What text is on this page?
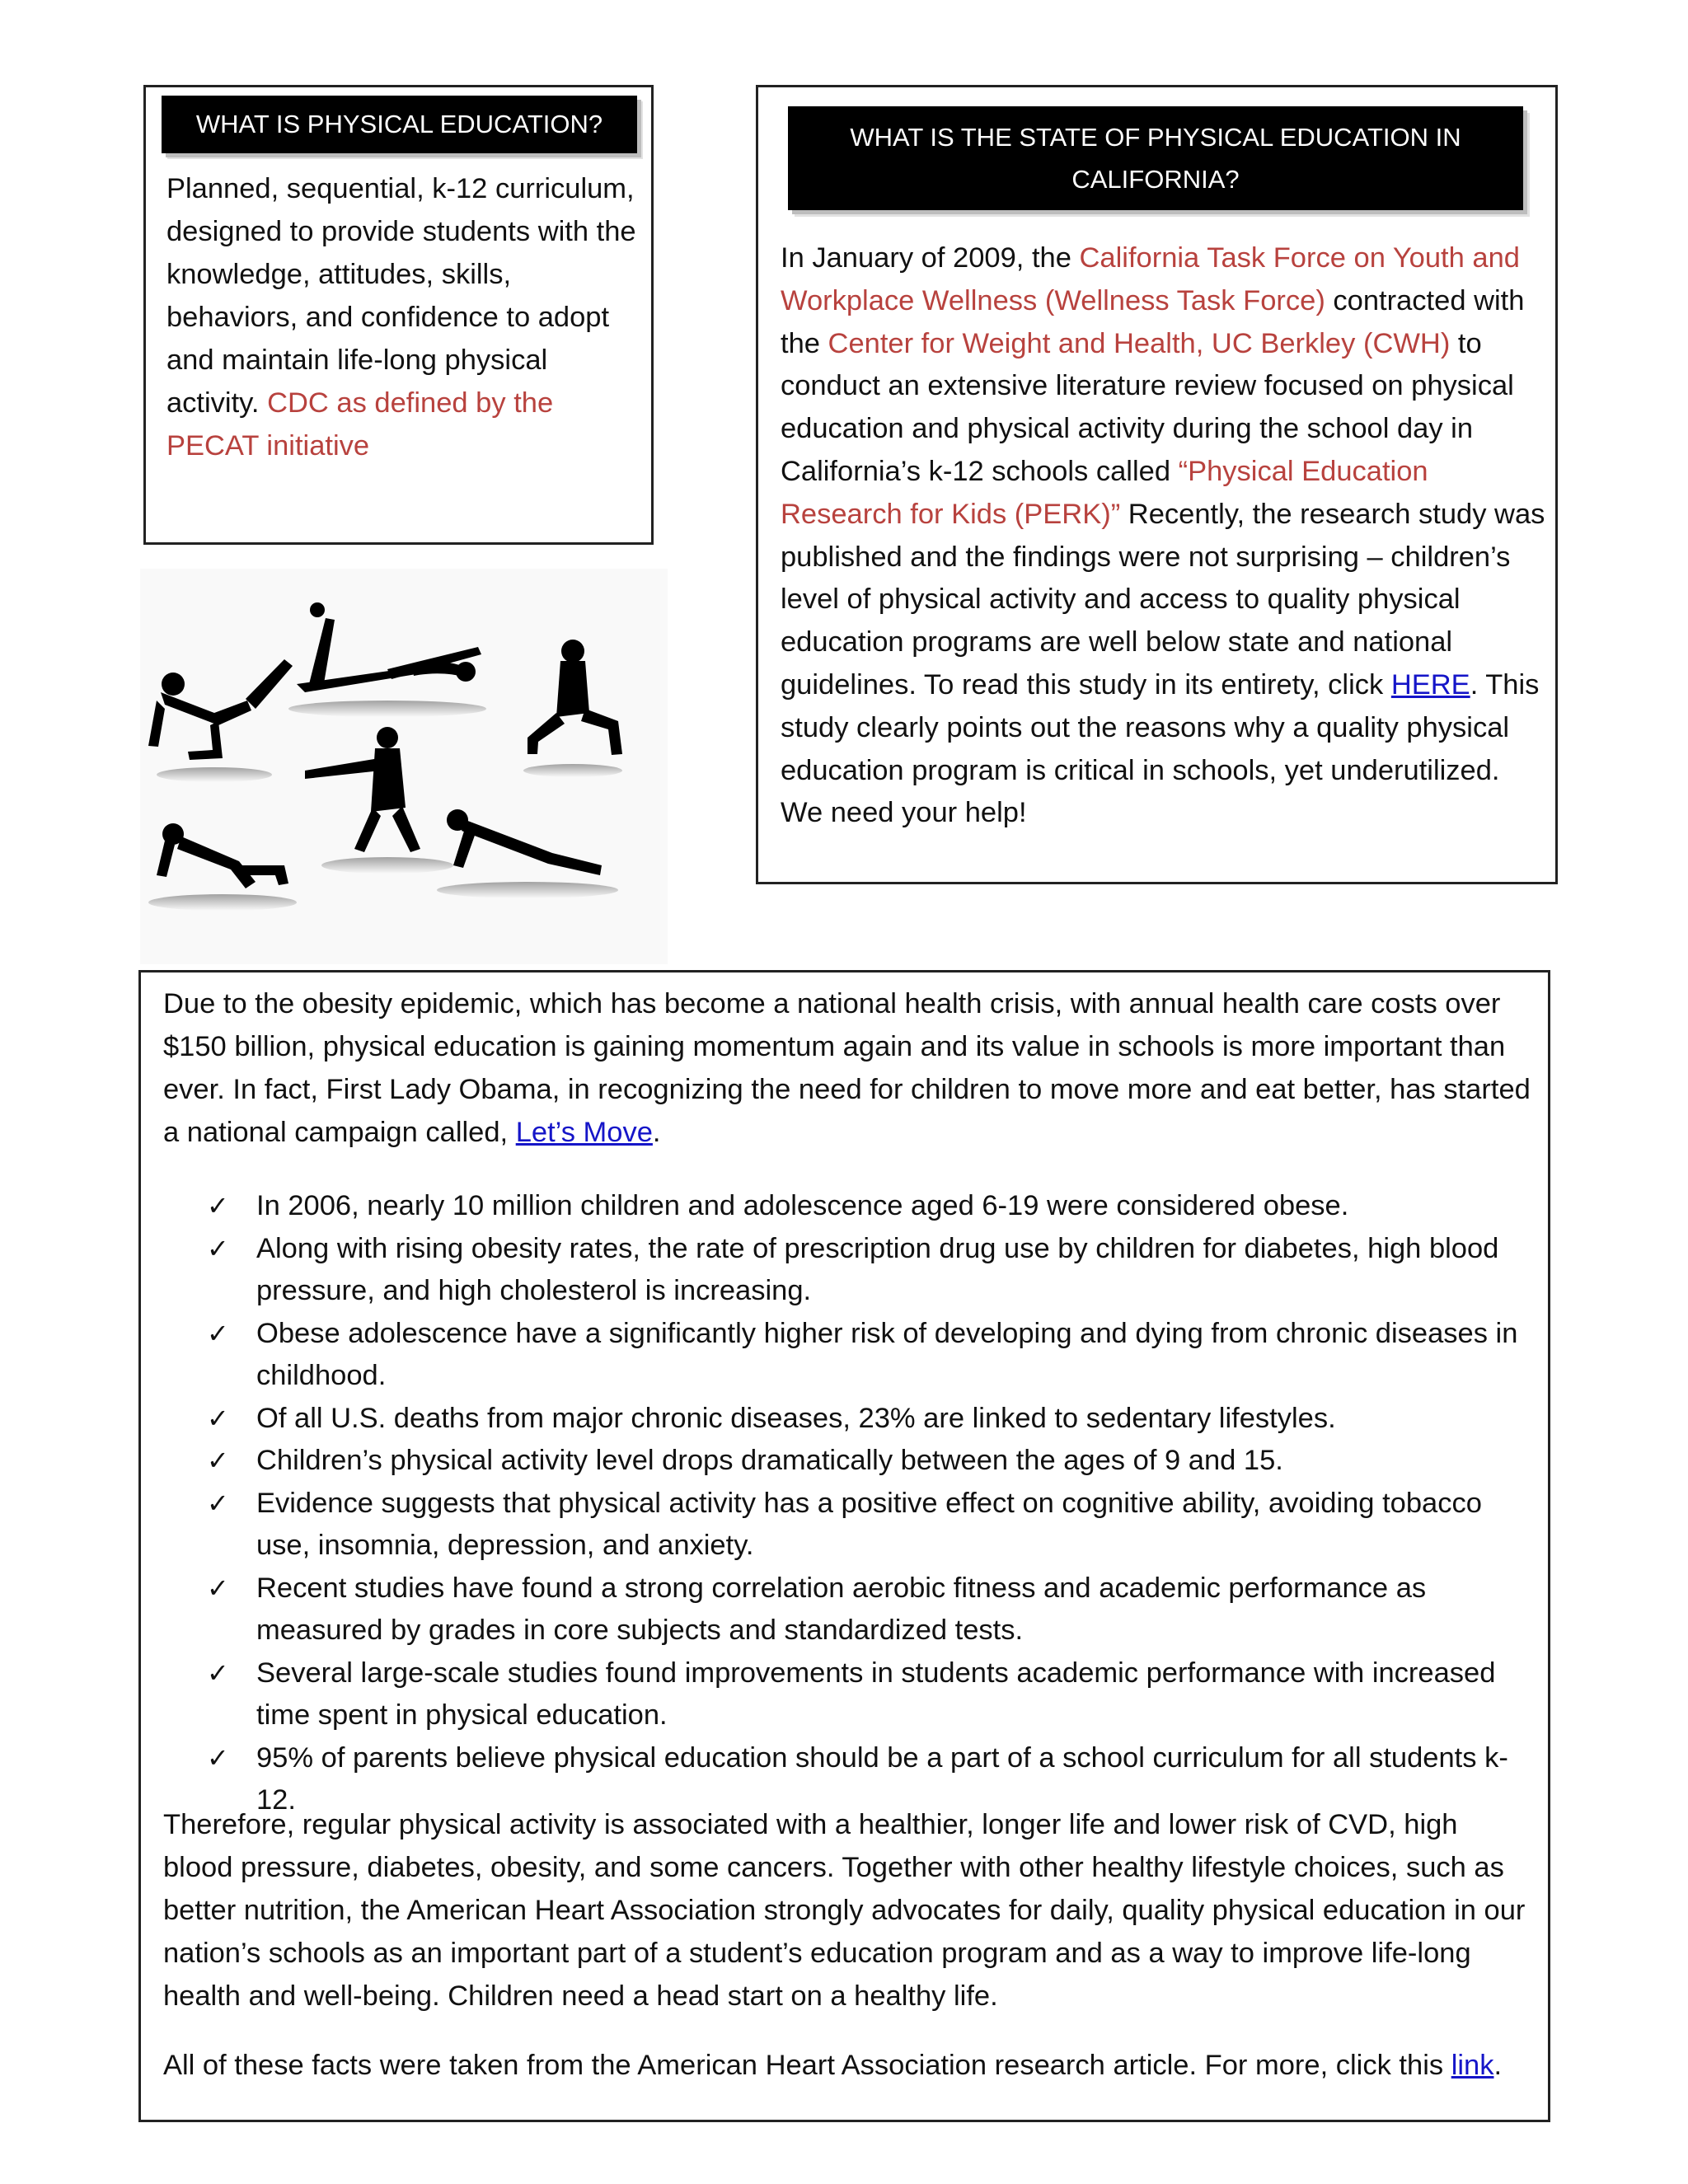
WHAT IS PHYSICAL EDUCATION?

Planned, sequential, k-12 curriculum, designed to provide students with the knowledge, attitudes, skills, behaviors, and confidence to adopt and maintain life-long physical activity. CDC as defined by the PECAT initiative

WHAT IS THE STATE OF PHYSICAL EDUCATION IN CALIFORNIA?

In January of 2009, the California Task Force on Youth and Workplace Wellness (Wellness Task Force) contracted with the Center for Weight and Health, UC Berkley (CWH) to conduct an extensive literature review focused on physical education and physical activity during the school day in California’s k-12 schools called “Physical Education Research for Kids (PERK)” Recently, the research study was published and the findings were not surprising – children’s level of physical activity and access to quality physical education programs are well below state and national guidelines. To read this study in its entirety, click HERE. This study clearly points out the reasons why a quality physical education program is critical in schools, yet underutilized. We need your help!

Due to the obesity epidemic, which has become a national health crisis, with annual health care costs over $150 billion, physical education is gaining momentum again and its value in schools is more important than ever. In fact, First Lady Obama, in recognizing the need for children to move more and eat better, has started a national campaign called, Let’s Move.

✓ In 2006, nearly 10 million children and adolescence aged 6-19 were considered obese.
✓ Along with rising obesity rates, the rate of prescription drug use by children for diabetes, high blood pressure, and high cholesterol is increasing.
✓ Obese adolescence have a significantly higher risk of developing and dying from chronic diseases in childhood.
✓ Of all U.S. deaths from major chronic diseases, 23% are linked to sedentary lifestyles.
✓ Children’s physical activity level drops dramatically between the ages of 9 and 15.
✓ Evidence suggests that physical activity has a positive effect on cognitive ability, avoiding tobacco use, insomnia, depression, and anxiety.
✓ Recent studies have found a strong correlation aerobic fitness and academic performance as measured by grades in core subjects and standardized tests.
✓ Several large-scale studies found improvements in students academic performance with increased time spent in physical education.
✓ 95% of parents believe physical education should be a part of a school curriculum for all students k-12.

Therefore, regular physical activity is associated with a healthier, longer life and lower risk of CVD, high blood pressure, diabetes, obesity, and some cancers. Together with other healthy lifestyle choices, such as better nutrition, the American Heart Association strongly advocates for daily, quality physical education in our nation’s schools as an important part of a student’s education program and as a way to improve life-long health and well-being. Children need a head start on a healthy life.

All of these facts were taken from the American Heart Association research article. For more, click this link.
